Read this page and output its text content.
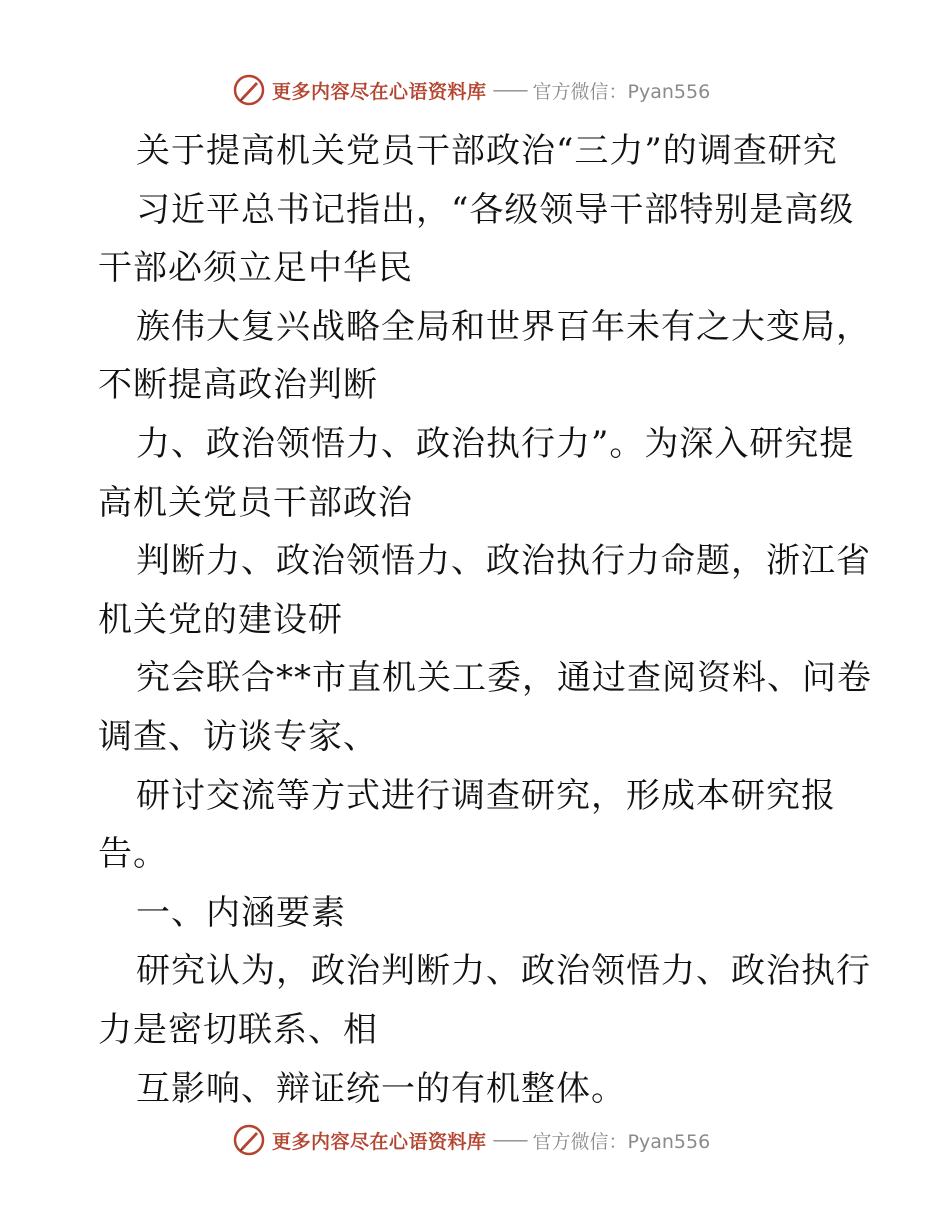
更多内容尽在心语资料库 —— 官方微信：Pyan556
关于提高机关党员干部政治“三力”的调查研究
习近平总书记指出，“各级领导干部特别是高级
干部必须立足中华民
族伟大复兴战略全局和世界百年未有之大变局，
不断提高政治判断
力、政治领悟力、政治执行力”。为深入研究提
高机关党员干部政治
判断力、政治领悟力、政治执行力命题，浙江省
机关党的建设研
究会联合**市直机关工委，通过查阅资料、问卷
调查、访谈专家、
研讨交流等方式进行调查研究，形成本研究报
告。
一、内涵要素
研究认为，政治判断力、政治领悟力、政治执行
力是密切联系、相
互影响、辩证统一的有机整体。
更多内容尽在心语资料库 —— 官方微信：Pyan556
